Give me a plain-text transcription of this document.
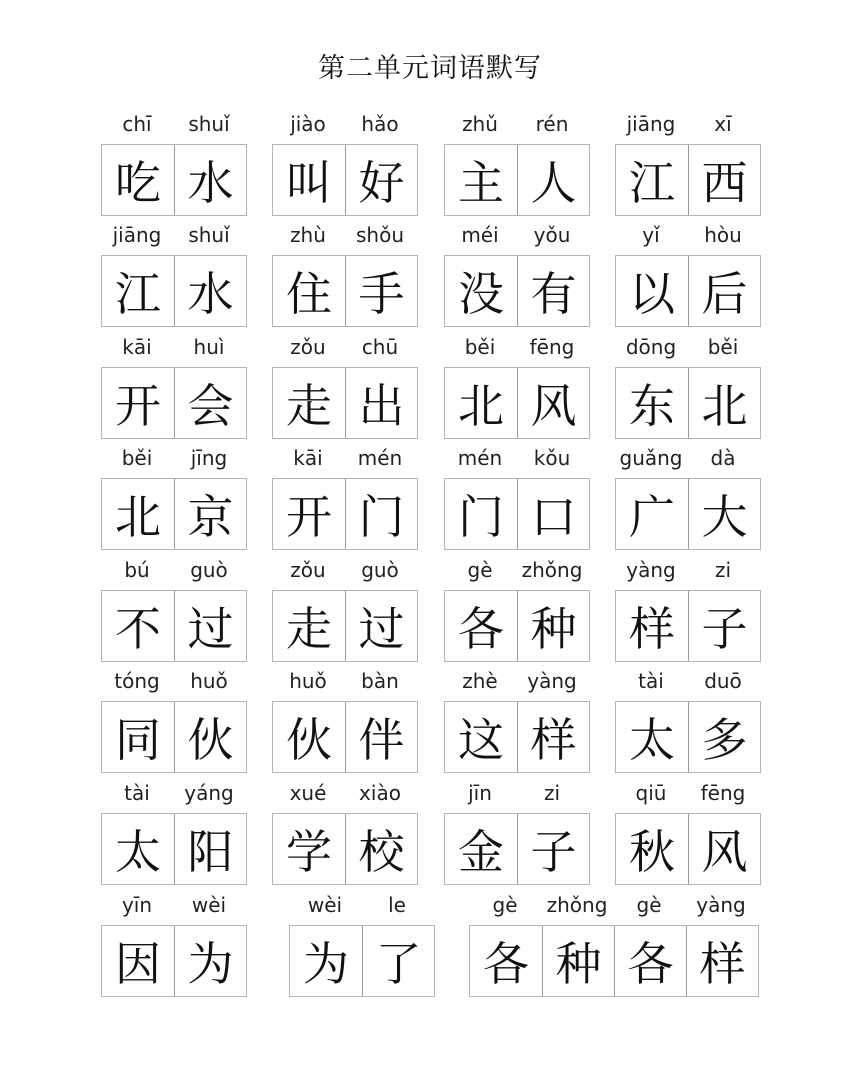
第二单元词语默写
chī	shuǐ
吃 水
jiào	hǎo
叫 好
zhǔ	rén
主 人
jiāng	xī
江 西
jiāng	shuǐ
江 水
zhù	shǒu
住 手
méi	yǒu
没 有
yǐ	hòu
以 后
kāi	huì
开 会
zǒu	chū
走 出
běi	fēng
北 风
dōng	běi
东 北
běi	jīng
北 京
kāi	mén
开 门
mén	kǒu
门 口
guǎng	dà
广 大
bú	guò
不 过
zǒu	guò
走 过
gè	zhǒng
各 种
yàng	zi
样 子
tóng	huǒ
同 伙
huǒ	bàn
伙 伴
zhè	yàng
这 样
tài	duō
太 多
tài	yáng
太 阳
xué	xiào
学 校
jīn	zi
金 子
qiū	fēng
秋 风
yīn	wèi
因 为
wèi	le
为 了
gè	zhǒng	gè	yàng
各 种 各 样
